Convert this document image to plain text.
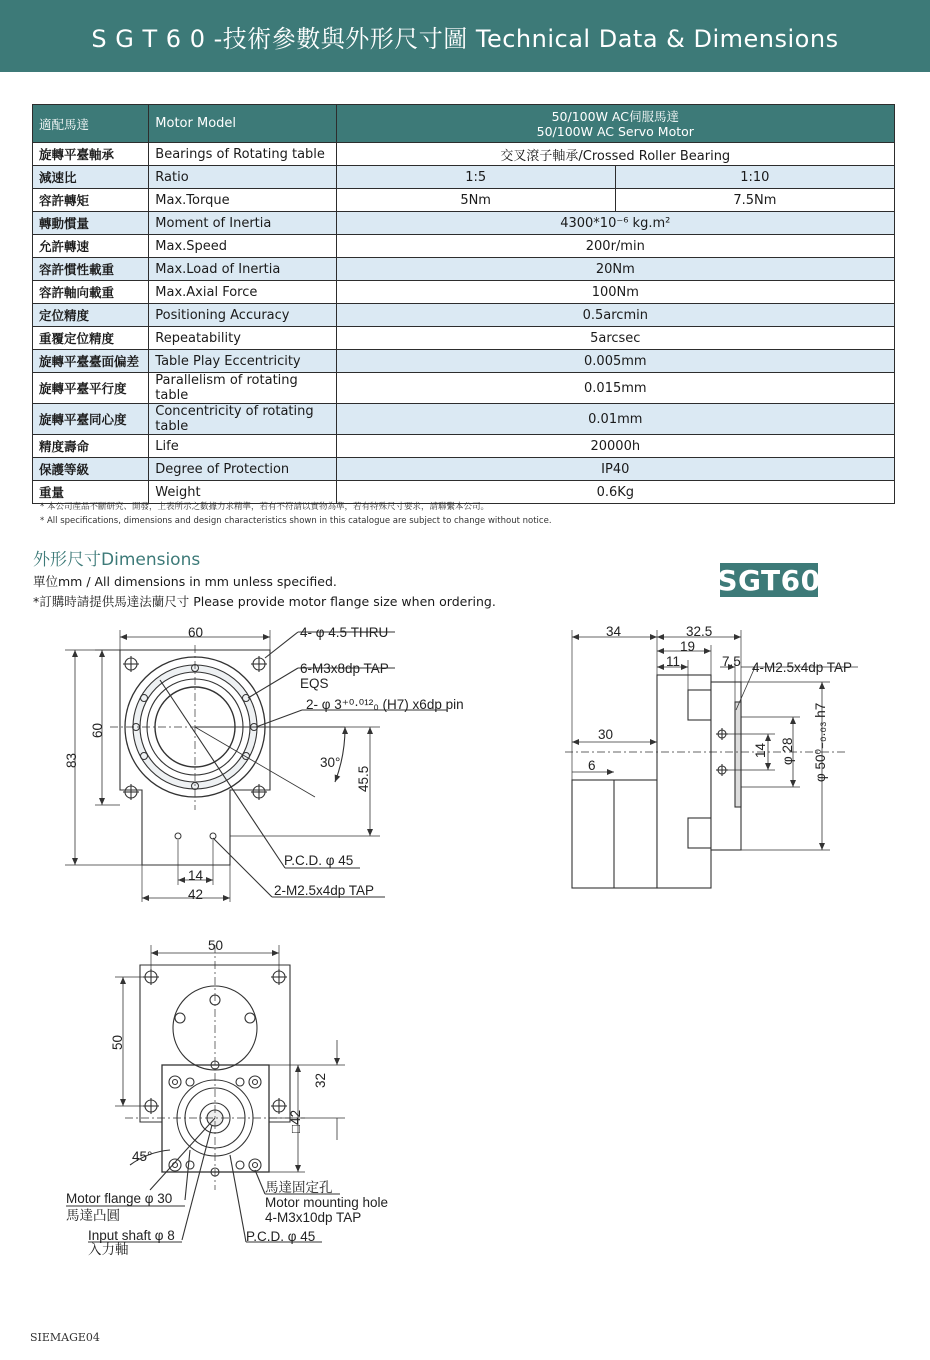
S G T 6 0 -技術參數與外形尺寸圖 Technical Data & Dimensions
適配馬達	Motor Model	50/100W AC伺服馬達
50/100W AC Servo Motor	

旋轉平臺軸承	Bearings of Rotating table	交叉滾子軸承/Crossed Roller Bearing	
減速比	Ratio	1:5	1:10
容許轉矩	Max.Torque	5Nm	7.5Nm
轉動慣量	Moment of Inertia	4300*10⁻⁶ kg.m²	
允許轉速	Max.Speed	200r/min	
容許慣性載重	Max.Load of Inertia	20Nm	
容許軸向載重	Max.Axial Force	100Nm	
定位精度	Positioning Accuracy	0.5arcmin	
重覆定位精度	Repeatability	5arcsec	
旋轉平臺臺面偏差	Table Play Eccentricity	0.005mm	
旋轉平臺平行度	Parallelism of rotating table	0.015mm	
旋轉平臺同心度	Concentricity of rotating table	0.01mm	
精度壽命	Life	20000h	
保護等級	Degree of Protection	IP40	
重量	Weight	0.6Kg	
* 本公司產品不斷研究、開發，上表所示之數據力求精準，若有不符請以實物為準，若有特殊尺寸要求，請聯繫本公司。
* All specifications, dimensions and design characteristics shown in this catalogue are subject to change without notice.
外形尺寸Dimensions
單位mm / All dimensions in mm unless specified.
*訂購時請提供馬達法蘭尺寸 Please provide motor flange size when ordering.
SGT60
60	4- φ 4.5 THRU
6-M3x8dp TAP
EQS
2- φ 3⁺⁰·⁰¹²₀ (H7) x6dp pin
30°
45.5
83
60
P.C.D. φ 45
14
42	2-M2.5x4dp TAP
34	32.5
19
11	7.5 4-M2.5x4dp TAP
30
6
14 φ 28 φ 50⁰₋₀.₀₃ h7
50
50
32
□42
45°
Motor flange φ 30
馬達凸圓
Input shaft φ 8
入力軸
馬達固定孔
Motor mounting hole
4-M3x10dp TAP
P.C.D. φ 45
SIEMAGE04
